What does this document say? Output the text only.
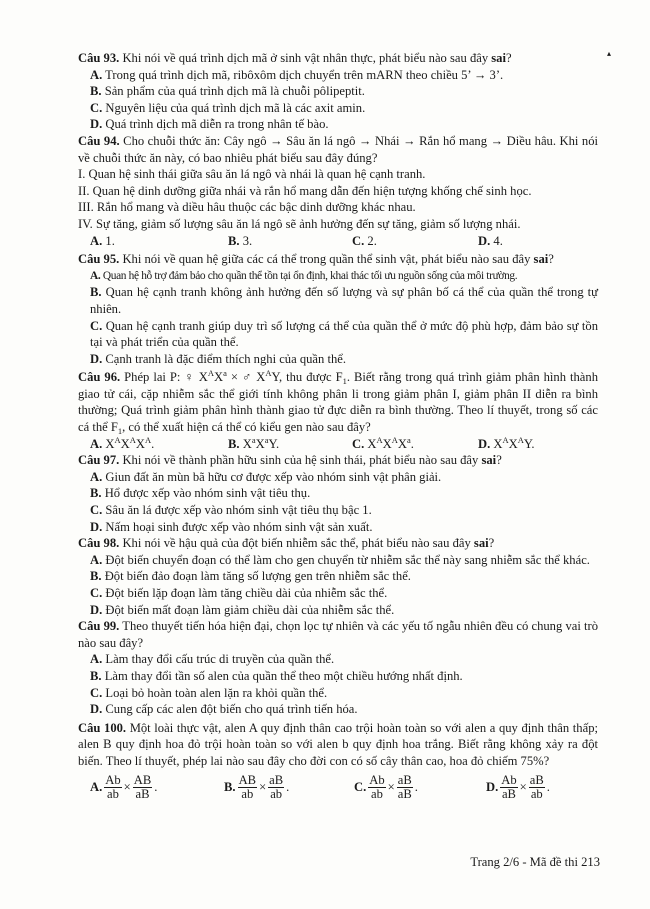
▴
Câu 93. Khi nói về quá trình dịch mã ở sinh vật nhân thực, phát biểu nào sau đây sai?
A. Trong quá trình dịch mã, ribôxôm dịch chuyển trên mARN theo chiều 5’ → 3’.
B. Sản phẩm của quá trình dịch mã là chuỗi pôlipeptit.
C. Nguyên liệu của quá trình dịch mã là các axit amin.
D. Quá trình dịch mã diễn ra trong nhân tế bào.
Câu 94. Cho chuỗi thức ăn: Cây ngô → Sâu ăn lá ngô → Nhái → Rắn hổ mang → Diều hâu. Khi nói về chuỗi thức ăn này, có bao nhiêu phát biểu sau đây đúng?
I. Quan hệ sinh thái giữa sâu ăn lá ngô và nhái là quan hệ cạnh tranh.
II. Quan hệ dinh dưỡng giữa nhái và rắn hổ mang dẫn đến hiện tượng khống chế sinh học.
III. Rắn hổ mang và diều hâu thuộc các bậc dinh dưỡng khác nhau.
IV. Sự tăng, giảm số lượng sâu ăn lá ngô sẽ ảnh hưởng đến sự tăng, giảm số lượng nhái.
A. 1.	B. 3.	C. 2.	D. 4.
Câu 95. Khi nói về quan hệ giữa các cá thể trong quần thể sinh vật, phát biểu nào sau đây sai?
A. Quan hệ hỗ trợ đảm bảo cho quần thể tồn tại ổn định, khai thác tối ưu nguồn sống của môi trường.
B. Quan hệ cạnh tranh không ảnh hưởng đến số lượng và sự phân bố cá thể của quần thể trong tự nhiên.
C. Quan hệ cạnh tranh giúp duy trì số lượng cá thể của quần thể ở mức độ phù hợp, đảm bảo sự tồn tại và phát triển của quần thể.
D. Cạnh tranh là đặc điểm thích nghi của quần thể.
Câu 96. Phép lai P: ♀ $X^AX^a$ × ♂ $X^AY$, thu được $F_1$. Biết rằng trong quá trình giảm phân hình thành giao tử cái, cặp nhiễm sắc thể giới tính không phân li trong giảm phân I, giảm phân II diễn ra bình thường; Quá trình giảm phân hình thành giao tử đực diễn ra bình thường. Theo lí thuyết, trong số các cá thể $F_1$, có thể xuất hiện cá thể có kiểu gen nào sau đây?
A. $X^AX^AX^A$.	B. $X^aX^aY$.	C. $X^AX^AX^a$.	D. $X^AX^AY$.
Câu 97. Khi nói về thành phần hữu sinh của hệ sinh thái, phát biểu nào sau đây sai?
A. Giun đất ăn mùn bã hữu cơ được xếp vào nhóm sinh vật phân giải.
B. Hổ được xếp vào nhóm sinh vật tiêu thụ.
C. Sâu ăn lá được xếp vào nhóm sinh vật tiêu thụ bậc 1.
D. Nấm hoại sinh được xếp vào nhóm sinh vật sản xuất.
Câu 98. Khi nói về hậu quả của đột biến nhiễm sắc thể, phát biểu nào sau đây sai?
A. Đột biến chuyển đoạn có thể làm cho gen chuyển từ nhiễm sắc thể này sang nhiễm sắc thể khác.
B. Đột biến đảo đoạn làm tăng số lượng gen trên nhiễm sắc thể.
C. Đột biến lặp đoạn làm tăng chiều dài của nhiễm sắc thể.
D. Đột biến mất đoạn làm giảm chiều dài của nhiễm sắc thể.
Câu 99. Theo thuyết tiến hóa hiện đại, chọn lọc tự nhiên và các yếu tố ngẫu nhiên đều có chung vai trò nào sau đây?
A. Làm thay đổi cấu trúc di truyền của quần thể.
B. Làm thay đổi tần số alen của quần thể theo một chiều hướng nhất định.
C. Loại bỏ hoàn toàn alen lặn ra khỏi quần thể.
D. Cung cấp các alen đột biến cho quá trình tiến hóa.
Câu 100. Một loài thực vật, alen A quy định thân cao trội hoàn toàn so với alen a quy định thân thấp; alen B quy định hoa đỏ trội hoàn toàn so với alen b quy định hoa trắng. Biết rằng không xảy ra đột biến. Theo lí thuyết, phép lai nào sau đây cho đời con có số cây thân cao, hoa đỏ chiếm 75%?
A. $\frac{Ab}{ab} \times \frac{AB}{aB}$ .	B. $\frac{AB}{ab} \times \frac{aB}{ab}$ .	C. $\frac{Ab}{ab} \times \frac{aB}{aB}$ .	D. $\frac{Ab}{aB} \times \frac{aB}{ab}$ .
Trang 2/6 - Mã đề thi 213
